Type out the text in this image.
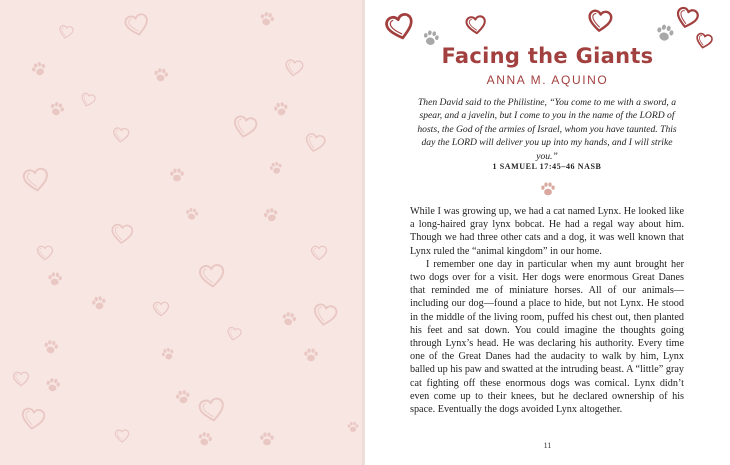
Facing the Giants
ANNA M. AQUINO
Then David said to the Philistine, “You come to me with a sword, a spear, and a javelin, but I come to you in the name of the LORD of hosts, the God of the armies of Israel, whom you have taunted. This day the LORD will deliver you up into my hands, and I will strike you.”
1 SAMUEL 17:45–46 NASB

While I was growing up, we had a cat named Lynx. He looked like a long-haired gray lynx bobcat. He had a regal way about him. Though we had three other cats and a dog, it was well known that Lynx ruled the “animal kingdom” in our home.

I remember one day in particular when my aunt brought her two dogs over for a visit. Her dogs were enormous Great Danes that reminded me of miniature horses. All of our animals—including our dog—found a place to hide, but not Lynx. He stood in the middle of the living room, puffed his chest out, then planted his feet and sat down. You could imagine the thoughts going through Lynx’s head. He was declaring his authority. Every time one of the Great Danes had the audacity to walk by him, Lynx balled up his paw and swatted at the intruding beast. A “little” gray cat fighting off these enormous dogs was comical. Lynx didn’t even come up to their knees, but he declared ownership of his space. Eventually the dogs avoided Lynx altogether.

11
